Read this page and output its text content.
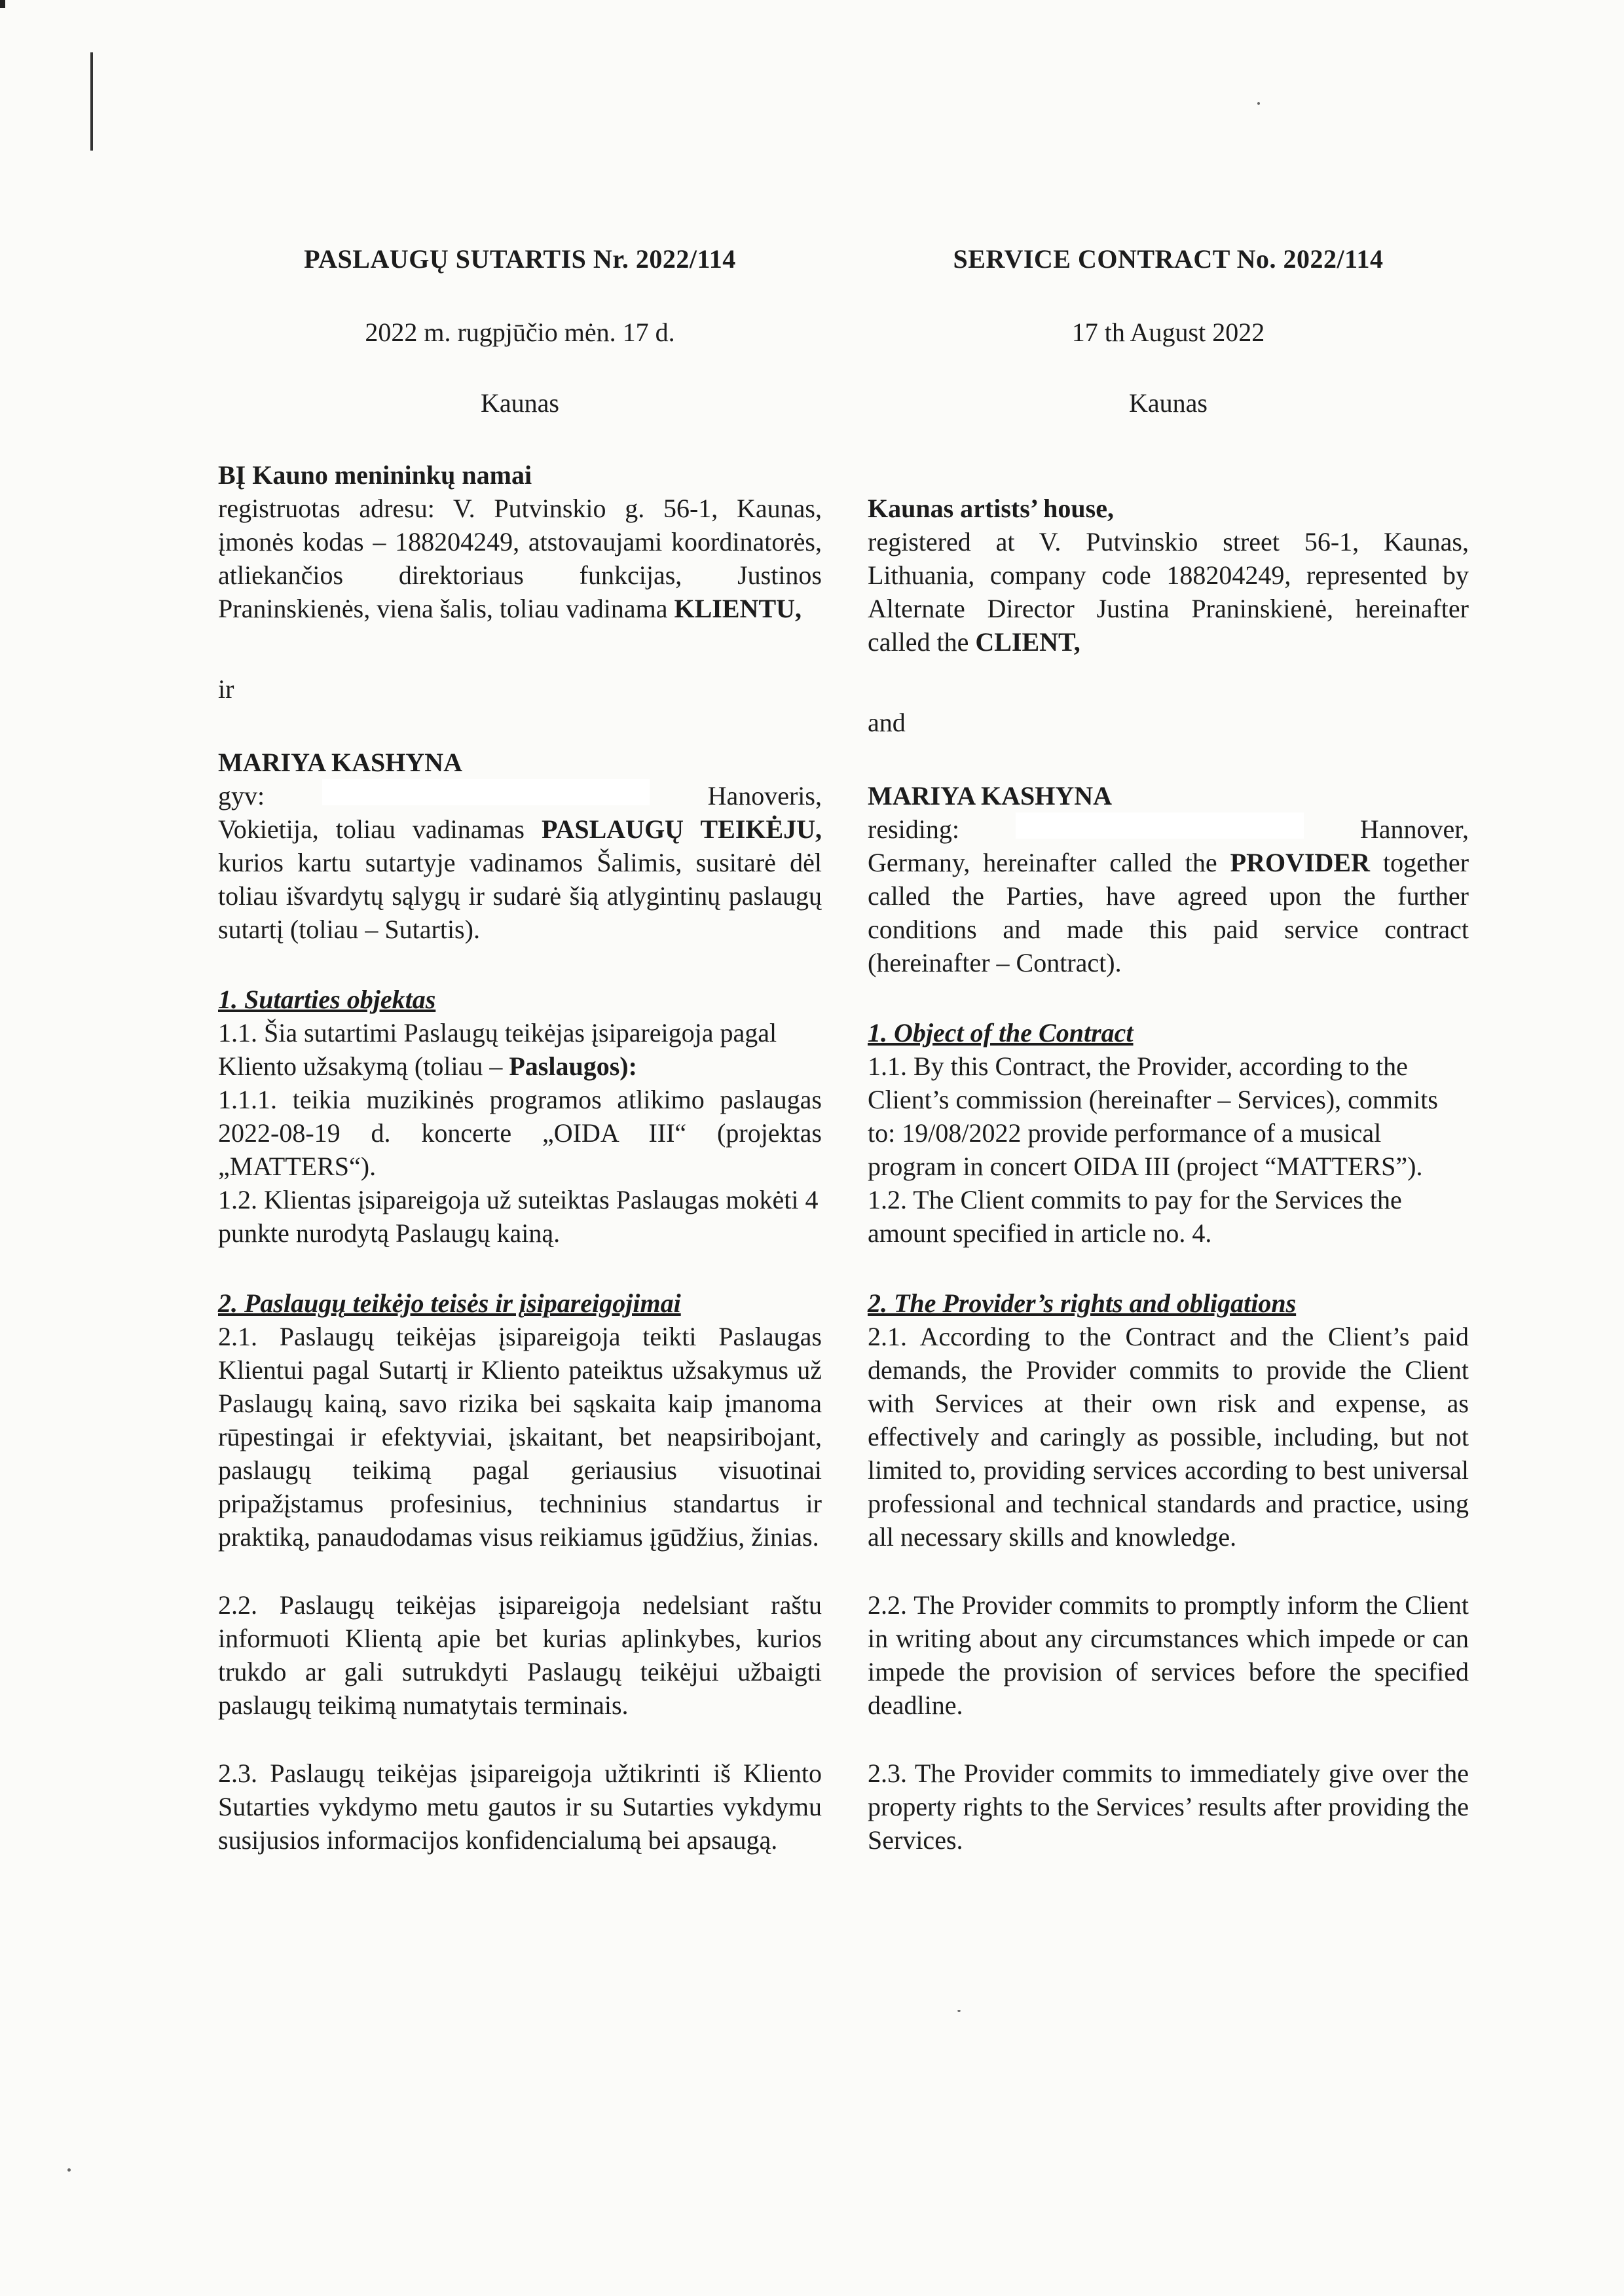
PASLAUGŲ SUTARTIS Nr. 2022/114

2022 m. rugpjūčio mėn. 17 d.

Kaunas

BĮ Kauno menininkų namai

registruotas adresu: V. Putvinskio g. 56-1, Kaunas, įmonės kodas – 188204249, atstovaujami koordinatorės, atliekančios direktoriaus funkcijas, Justinos Praninskienės, viena šalis, toliau vadinama KLIENTU,

ir

MARIYA KASHYNA

gyv:	Hanoveris,

Vokietija, toliau vadinamas PASLAUGŲ TEIKĖJU, kurios kartu sutartyje vadinamos Šalimis, susitarė dėl toliau išvardytų sąlygų ir sudarė šią atlygintinų paslaugų sutartį (toliau – Sutartis).

1. Sutarties objektas

1.1. Šia sutartimi Paslaugų teikėjas įsipareigoja pagal Kliento užsakymą (toliau – Paslaugos):

1.1.1. teikia muzikinės programos atlikimo paslaugas 2022-08-19 d. koncerte „OIDA III“ (projektas „MATTERS“).

1.2. Klientas įsipareigoja už suteiktas Paslaugas mokėti 4 punkte nurodytą Paslaugų kainą.

2. Paslaugų teikėjo teisės ir įsipareigojimai

2.1. Paslaugų teikėjas įsipareigoja teikti Paslaugas Klientui pagal Sutartį ir Kliento pateiktus užsakymus už Paslaugų kainą, savo rizika bei sąskaita kaip įmanoma rūpestingai ir efektyviai, įskaitant, bet neapsiribojant, paslaugų teikimą pagal geriausius visuotinai pripažįstamus profesinius, techninius standartus ir praktiką, panaudodamas visus reikiamus įgūdžius, žinias.

2.2. Paslaugų teikėjas įsipareigoja nedelsiant raštu informuoti Klientą apie bet kurias aplinkybes, kurios trukdo ar gali sutrukdyti Paslaugų teikėjui užbaigti paslaugų teikimą numatytais terminais.

2.3. Paslaugų teikėjas įsipareigoja užtikrinti iš Kliento Sutarties vykdymo metu gautos ir su Sutarties vykdymu susijusios informacijos konfidencialumą bei apsaugą.

SERVICE CONTRACT No. 2022/114

17 th August 2022

Kaunas

Kaunas artists’ house,

registered at V. Putvinskio street 56-1, Kaunas, Lithuania, company code 188204249, represented by Alternate Director Justina Praninskienė, hereinafter called the CLIENT,

and

MARIYA KASHYNA

residing:	Hannover,

Germany, hereinafter called the PROVIDER together called the Parties, have agreed upon the further conditions and made this paid service contract (hereinafter – Contract).

1. Object of the Contract

1.1. By this Contract, the Provider, according to the Client’s commission (hereinafter – Services), commits to: 19/08/2022 provide performance of a musical program in concert OIDA III (project “MATTERS”).

1.2. The Client commits to pay for the Services the amount specified in article no. 4.

2. The Provider’s rights and obligations

2.1. According to the Contract and the Client’s paid demands, the Provider commits to provide the Client with Services at their own risk and expense, as effectively and caringly as possible, including, but not limited to, providing services according to best universal professional and technical standards and practice, using all necessary skills and knowledge.

2.2. The Provider commits to promptly inform the Client in writing about any circumstances which impede or can impede the provision of services before the specified deadline.

2.3. The Provider commits to immediately give over the property rights to the Services’ results after providing the Services.
